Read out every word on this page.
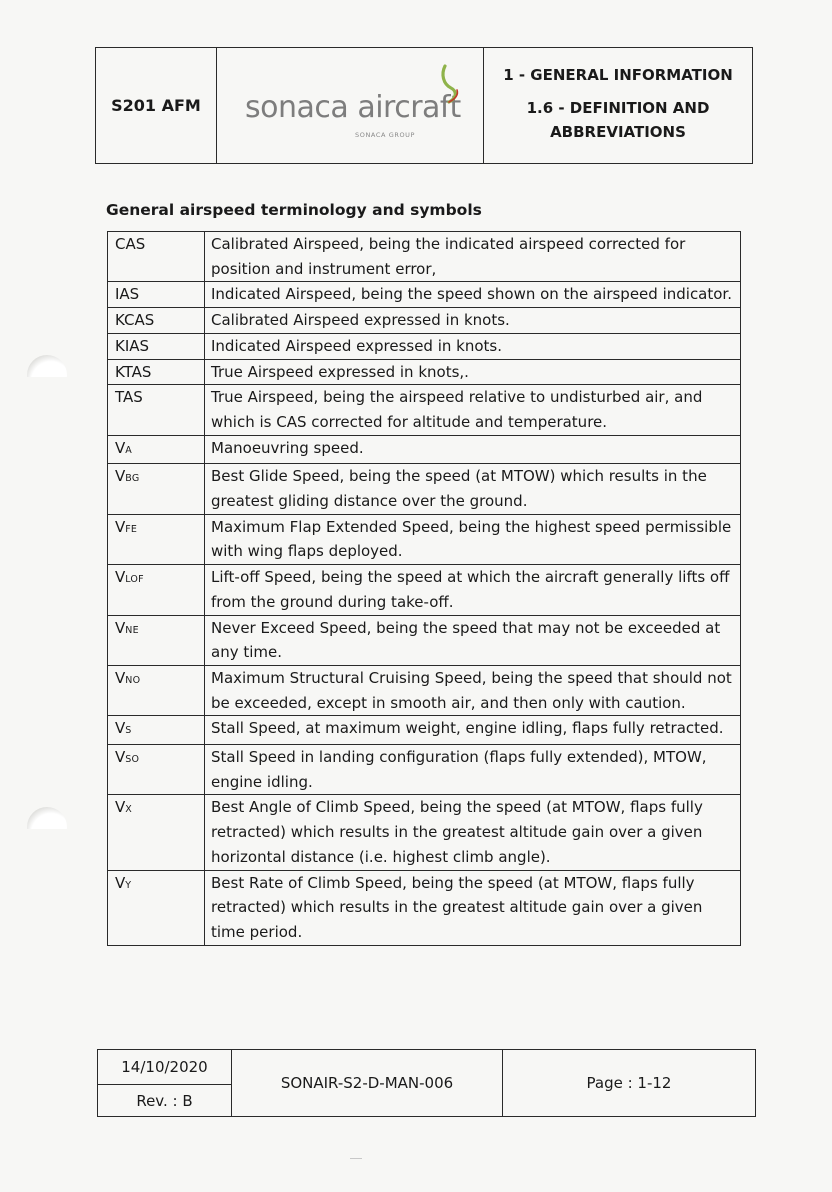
S201 AFM	sonaca aircraft
SONACA GROUP
1 - GENERAL INFORMATION
1.6 - DEFINITION AND ABBREVIATIONS
General airspeed terminology and symbols
CAS	Calibrated Airspeed, being the indicated airspeed corrected for position and instrument error,
IAS	Indicated Airspeed, being the speed shown on the airspeed indicator.
KCAS	Calibrated Airspeed expressed in knots.
KIAS	Indicated Airspeed expressed in knots.
KTAS	True Airspeed expressed in knots,.
TAS	True Airspeed, being the airspeed relative to undisturbed air, and which is CAS corrected for altitude and temperature.
VA	Manoeuvring speed.
VBG	Best Glide Speed, being the speed (at MTOW) which results in the greatest gliding distance over the ground.
VFE	Maximum Flap Extended Speed, being the highest speed permissible with wing flaps deployed.
VLOF	Lift-off Speed, being the speed at which the aircraft generally lifts off from the ground during take-off.
VNE	Never Exceed Speed, being the speed that may not be exceeded at any time.
VNO	Maximum Structural Cruising Speed, being the speed that should not be exceeded, except in smooth air, and then only with caution.
VS	Stall Speed, at maximum weight, engine idling, flaps fully retracted.
VSO	Stall Speed in landing configuration (flaps fully extended), MTOW, engine idling.
VX	Best Angle of Climb Speed, being the speed (at MTOW, flaps fully retracted) which results in the greatest altitude gain over a given horizontal distance (i.e. highest climb angle).
VY	Best Rate of Climb Speed, being the speed (at MTOW, flaps fully retracted) which results in the greatest altitude gain over a given time period.
14/10/2020
Rev. : B
SONAIR-S2-D-MAN-006	Page : 1-12
